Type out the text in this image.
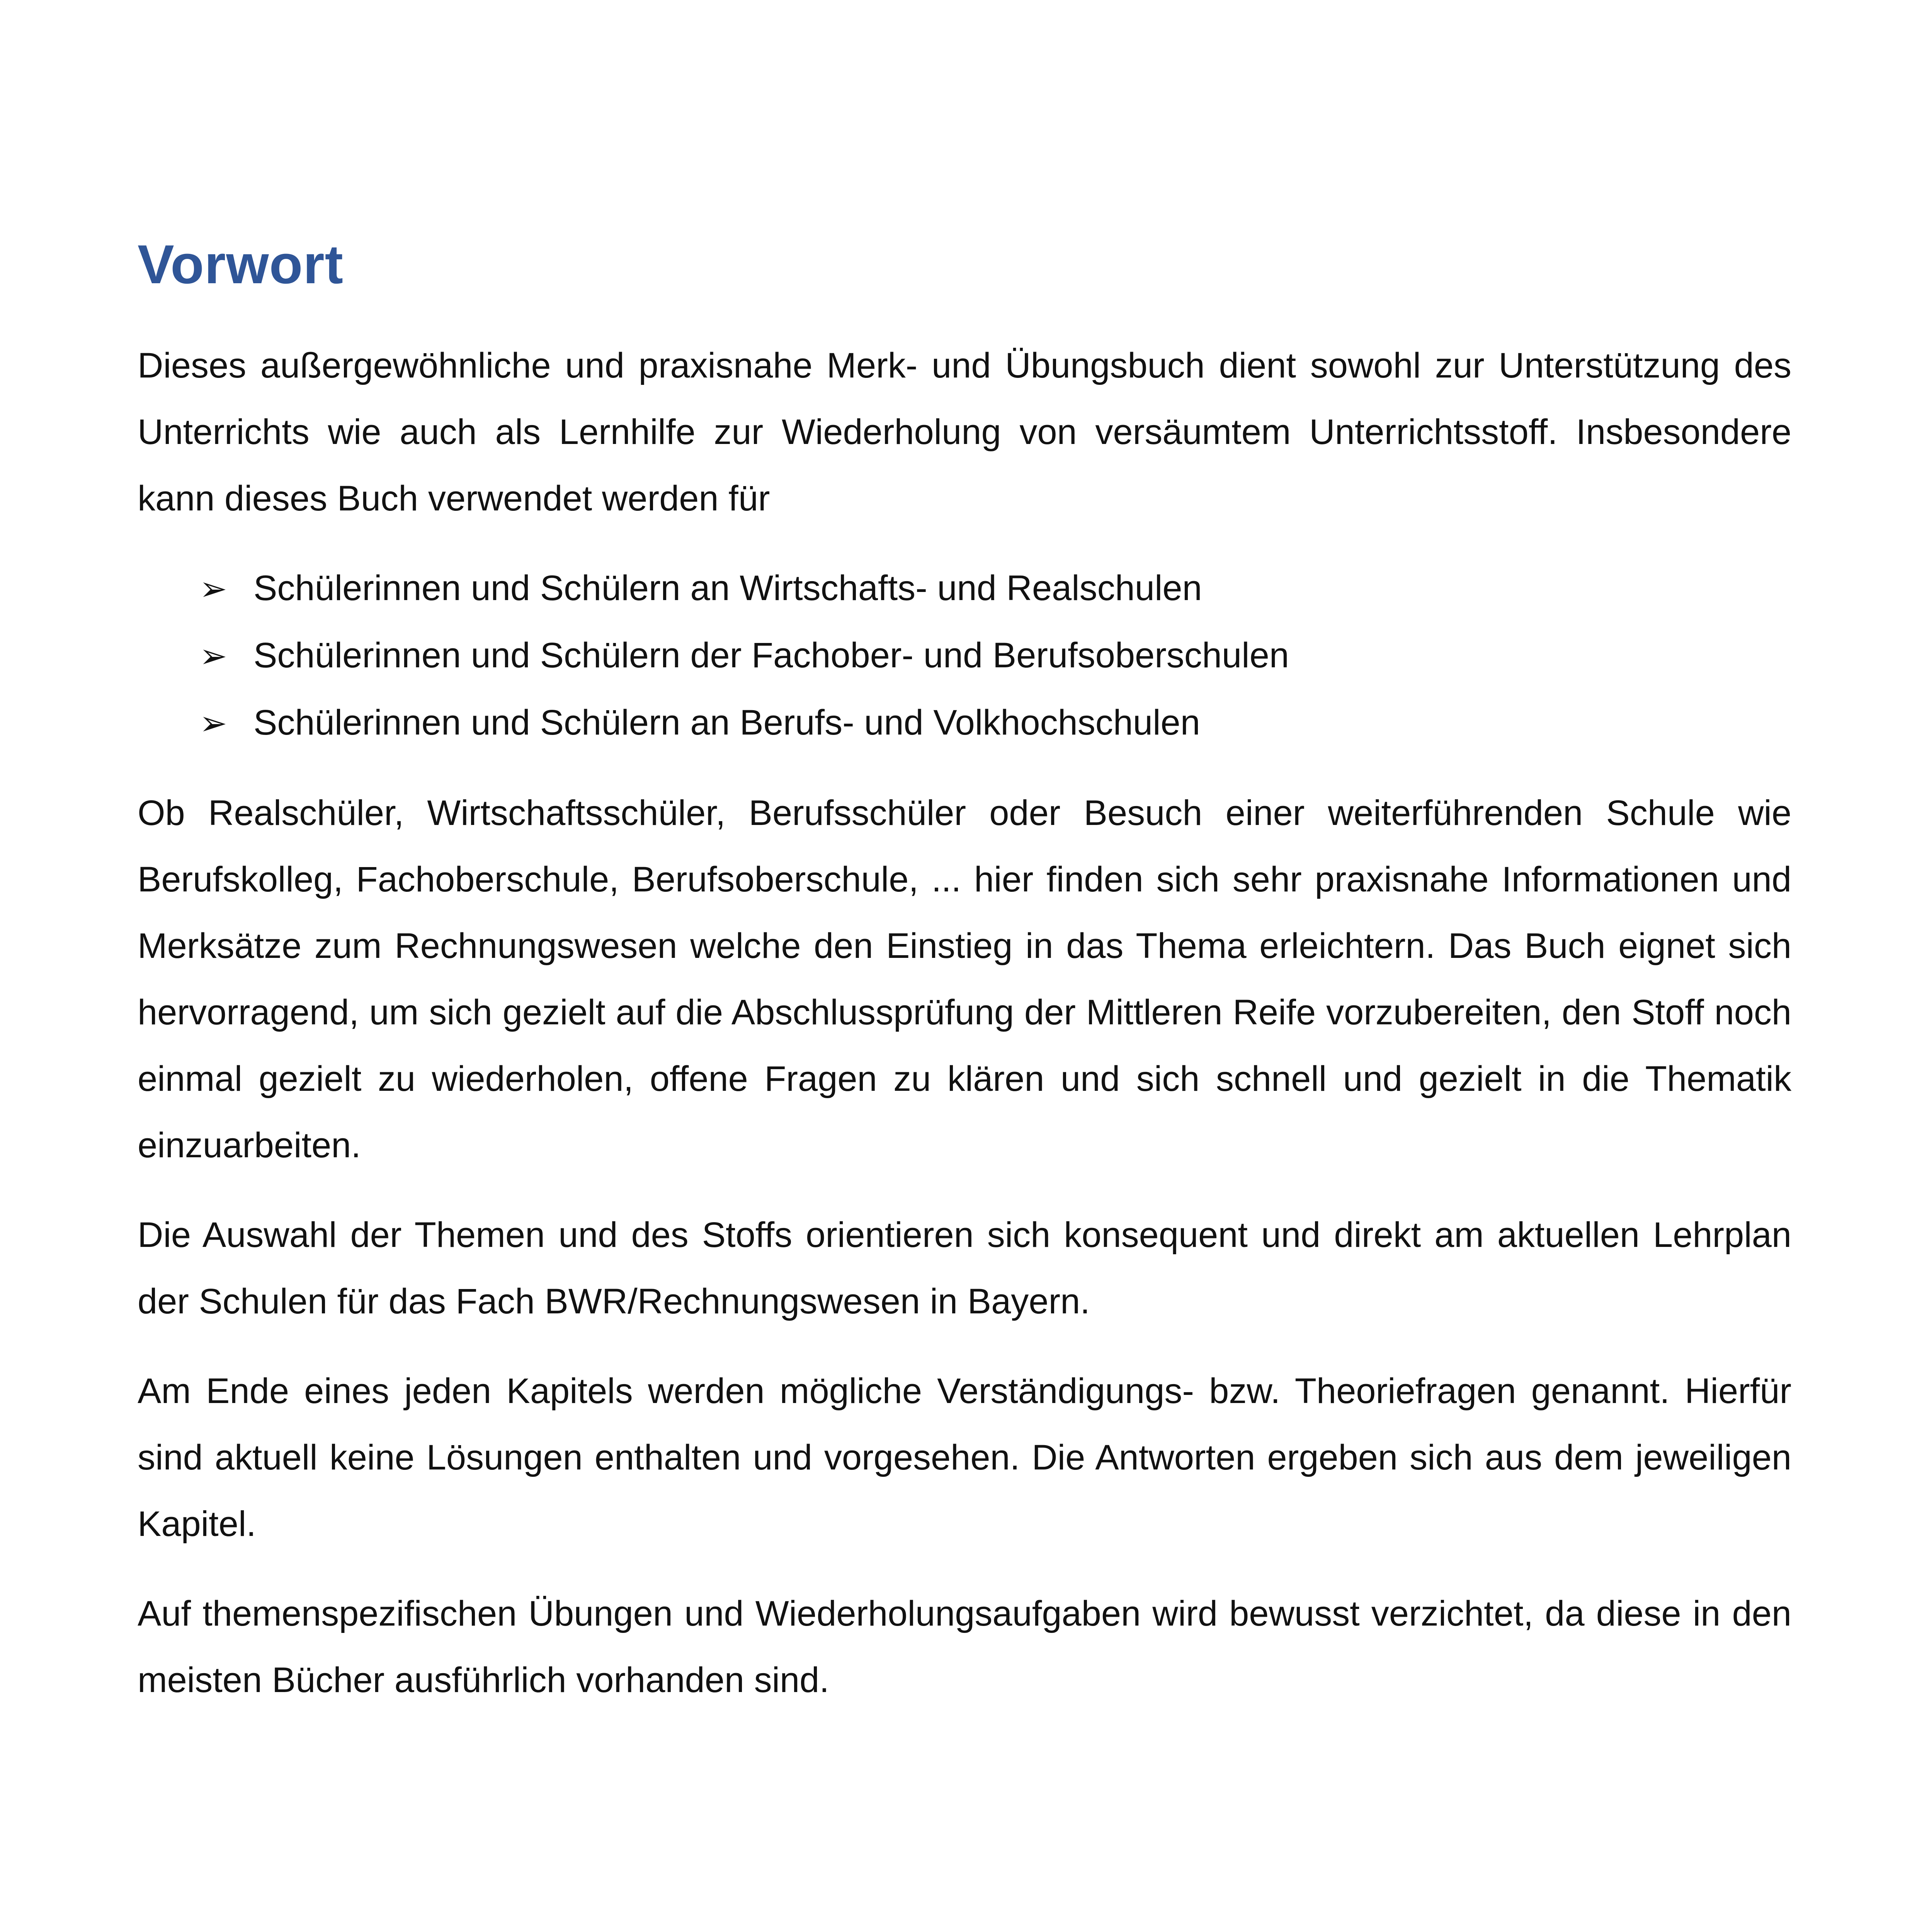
Vorwort

Dieses außergewöhnliche und praxisnahe Merk- und Übungsbuch dient sowohl zur Unterstützung des Unterrichts wie auch als Lernhilfe zur Wiederholung von versäumtem Unterrichtsstoff. Insbesondere kann dieses Buch verwendet werden für

➢ Schülerinnen und Schülern an Wirtschafts- und Realschulen
➢ Schülerinnen und Schülern der Fachober- und Berufsoberschulen
➢ Schülerinnen und Schülern an Berufs- und Volkhochschulen

Ob Realschüler, Wirtschaftsschüler, Berufsschüler oder Besuch einer weiterführenden Schule wie Berufskolleg, Fachoberschule, Berufsoberschule, ... hier finden sich sehr praxisnahe Informationen und Merksätze zum Rechnungswesen welche den Einstieg in das Thema erleichtern. Das Buch eignet sich hervorragend, um sich gezielt auf die Abschlussprüfung der Mittleren Reife vorzubereiten, den Stoff noch einmal gezielt zu wiederholen, offene Fragen zu klären und sich schnell und gezielt in die Thematik einzuarbeiten.

Die Auswahl der Themen und des Stoffs orientieren sich konsequent und direkt am aktuellen Lehrplan der Schulen für das Fach BWR/Rechnungswesen in Bayern.

Am Ende eines jeden Kapitels werden mögliche Verständigungs- bzw. Theoriefragen genannt. Hierfür sind aktuell keine Lösungen enthalten und vorgesehen. Die Antworten ergeben sich aus dem jeweiligen Kapitel.

Auf themenspezifischen Übungen und Wiederholungsaufgaben wird bewusst verzichtet, da diese in den meisten Bücher ausführlich vorhanden sind.
